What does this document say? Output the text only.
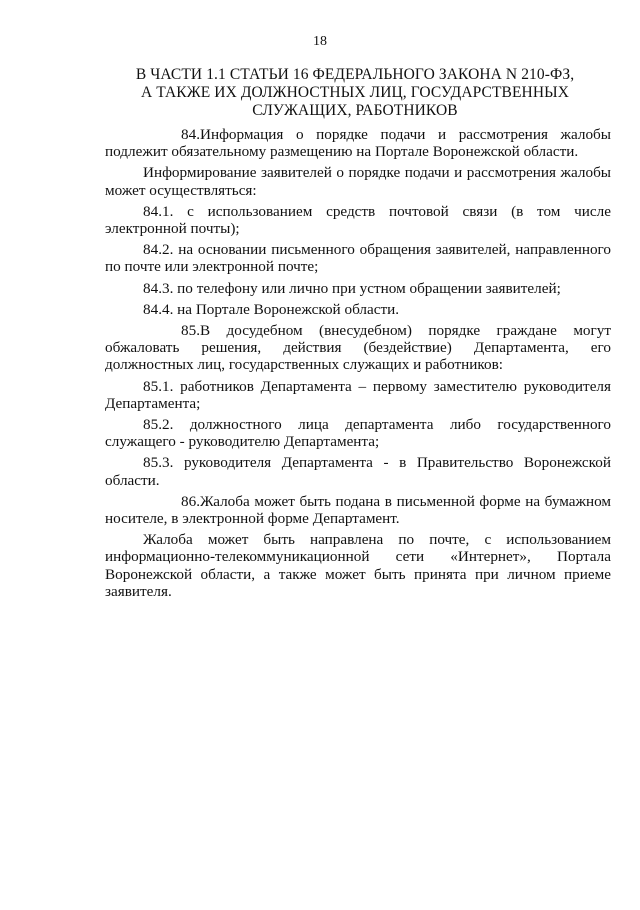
18
В ЧАСТИ 1.1 СТАТЬИ 16 ФЕДЕРАЛЬНОГО ЗАКОНА N 210-ФЗ,
А ТАКЖЕ ИХ ДОЛЖНОСТНЫХ ЛИЦ, ГОСУДАРСТВЕННЫХ
СЛУЖАЩИХ, РАБОТНИКОВ

84.Информация о порядке подачи и рассмотрения жалобы подлежит обязательному размещению на Портале Воронежской области.

Информирование заявителей о порядке подачи и рассмотрения жалобы может осуществляться:

84.1. с использованием средств почтовой связи (в том числе электронной почты);

84.2. на основании письменного обращения заявителей, направленного по почте или электронной почте;

84.3. по телефону или лично при устном обращении заявителей;

84.4. на Портале Воронежской области.

85.В досудебном (внесудебном) порядке граждане могут обжаловать решения, действия (бездействие) Департамента, его должностных лиц, государственных служащих и работников:

85.1. работников Департамента – первому заместителю руководителя Департамента;

85.2. должностного лица департамента либо государственного служащего - руководителю Департамента;

85.3. руководителя Департамента - в Правительство Воронежской области.

86.Жалоба может быть подана в письменной форме на бумажном носителе, в электронной форме Департамент.

Жалоба может быть направлена по почте, с использованием информационно-телекоммуникационной сети «Интернет», Портала Воронежской области, а также может быть принята при личном приеме заявителя.
